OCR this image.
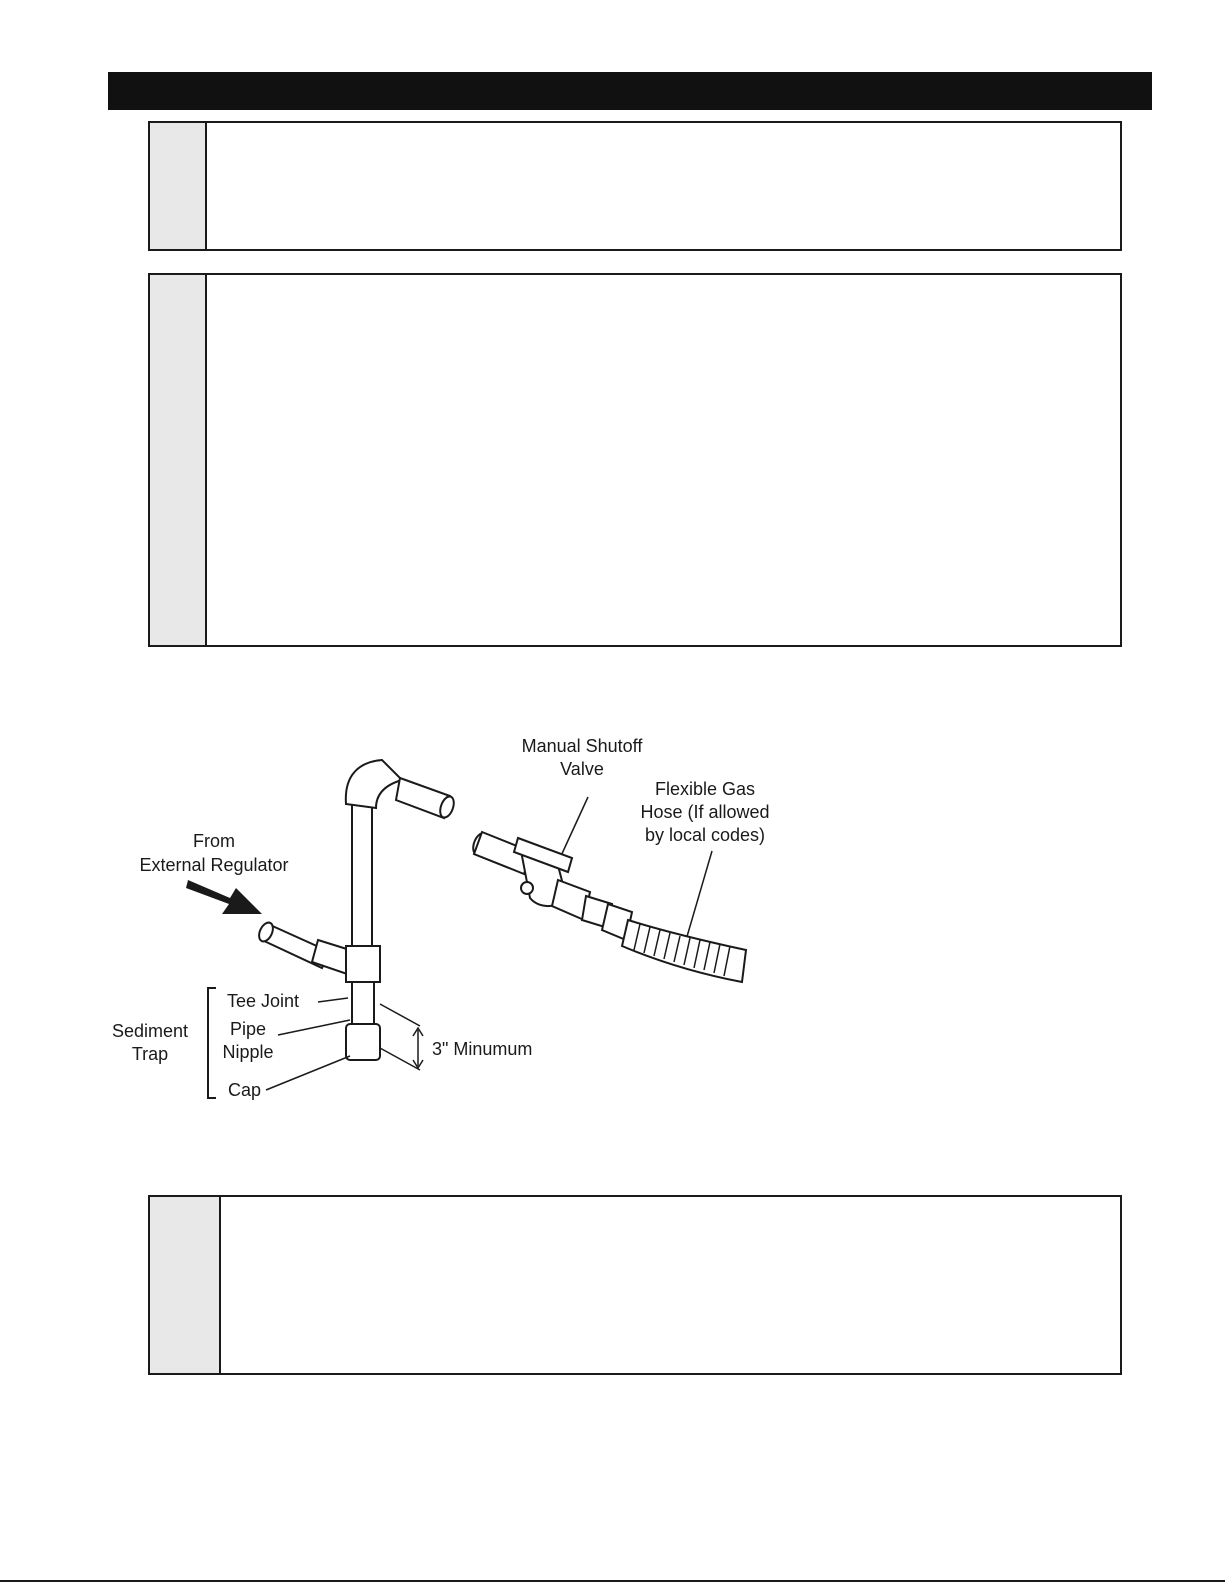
Manual Shutoff
Valve
Flexible Gas
Hose (If allowed
by local codes)
From
External Regulator
Tee Joint
Pipe
Nipple
Cap
Sediment
Trap	3" Minumum
